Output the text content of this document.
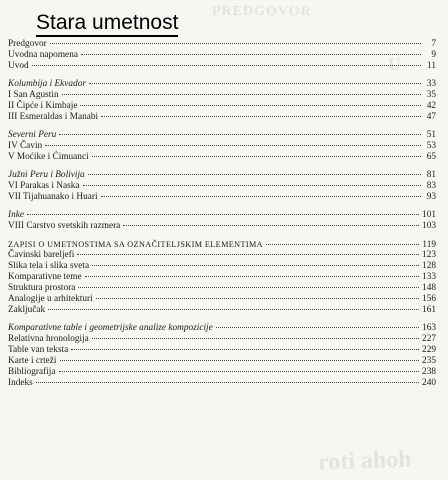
PREDGOVOR
U
roti ahoh
Stara umetnost
Predgovor	7
Uvodna napomena	9
Uvod	11
Kolumbija i Ekvador	33
I San Agustin	35
II Čipće i Kimbaje	42
III Esmeraldas i Manabi	47
Severni Peru	51
IV Čavin	53
V Moćike i Ćimuanci	65
Južni Peru i Bolivija	81
VI Parakas i Naska	83
VII Tijahuanako i Huari	93
Inke	101
VIII Carstvo svetskih razmera	103
ZAPISI O UMETNOSTIMA SA OZNAČITELJSKIM ELEMENTIMA	119
Čavinski bareljefi	123
Slika tela i slika sveta	128
Komparativne teme	133
Struktura prostora	148
Analogije u arhitekturi	156
Zaključak	161
Komparativne table i geometrijske analize kompozicije	163
Relativna hronologija	227
Table van teksta	229
Karte i crteži	235
Bibliografija	238
Indeks	240
